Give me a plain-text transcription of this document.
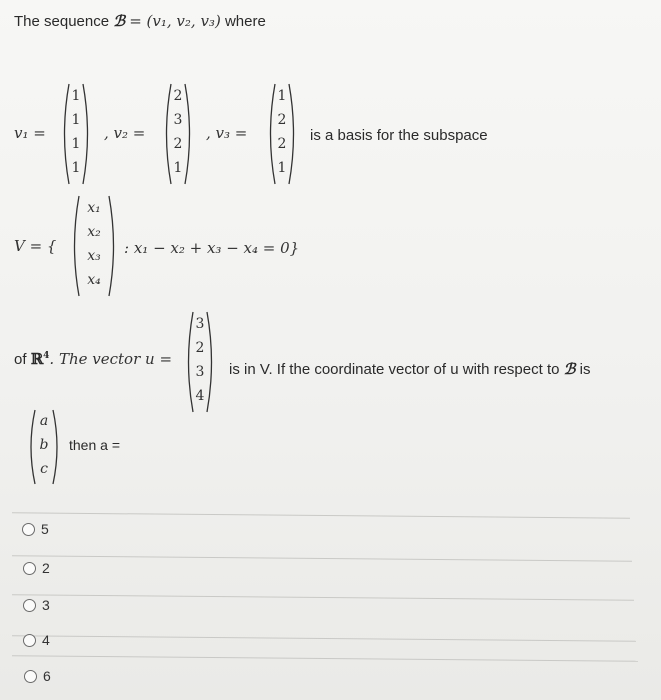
The sequence ℬ = (v₁, v₂, v₃) where
v₁ =
1
1
1
1
, v₂ =
2
3
2
1
, v₃ =
1
2
2
1
is a basis for the subspace
V = {
x₁
x₂
x₃
x₄
: x₁ − x₂ + x₃ − x₄ = 0}
of ℝ$^4$. The vector u =
3
2
3
4
is in V. If the coordinate vector of u with respect to ℬ is
a
b
c
then a =
5
2
3
4
6
